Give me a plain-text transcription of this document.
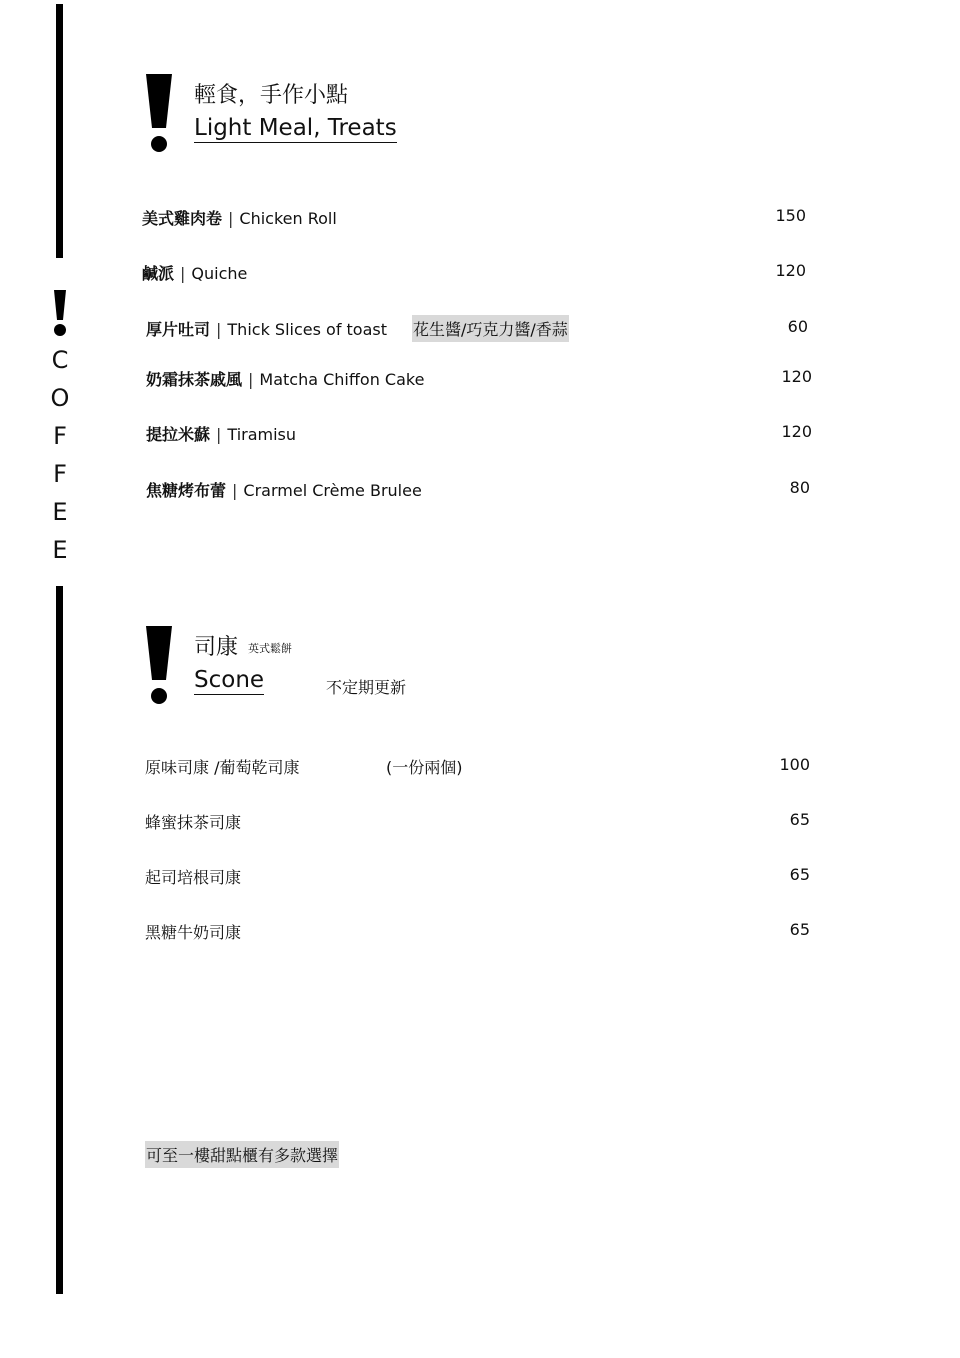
C
O
F
F
E
E
輕食，手作小點
Light Meal, Treats
美式雞肉卷 | Chicken Roll	150
鹹派 | Quiche	120
厚片吐司 | Thick Slices of toast 花生醬/巧克力醬/香蒜	60
奶霜抹茶戚風 | Matcha Chiffon Cake	120
提拉米蘇 | Tiramisu	120
焦糖烤布蕾 | Crarmel Crème Brulee	80
司康 英式鬆餅
Scone	不定期更新
原味司康 /葡萄乾司康	(一份兩個)	100
蜂蜜抹茶司康	65
起司培根司康	65
黑糖牛奶司康	65
可至一樓甜點櫃有多款選擇
